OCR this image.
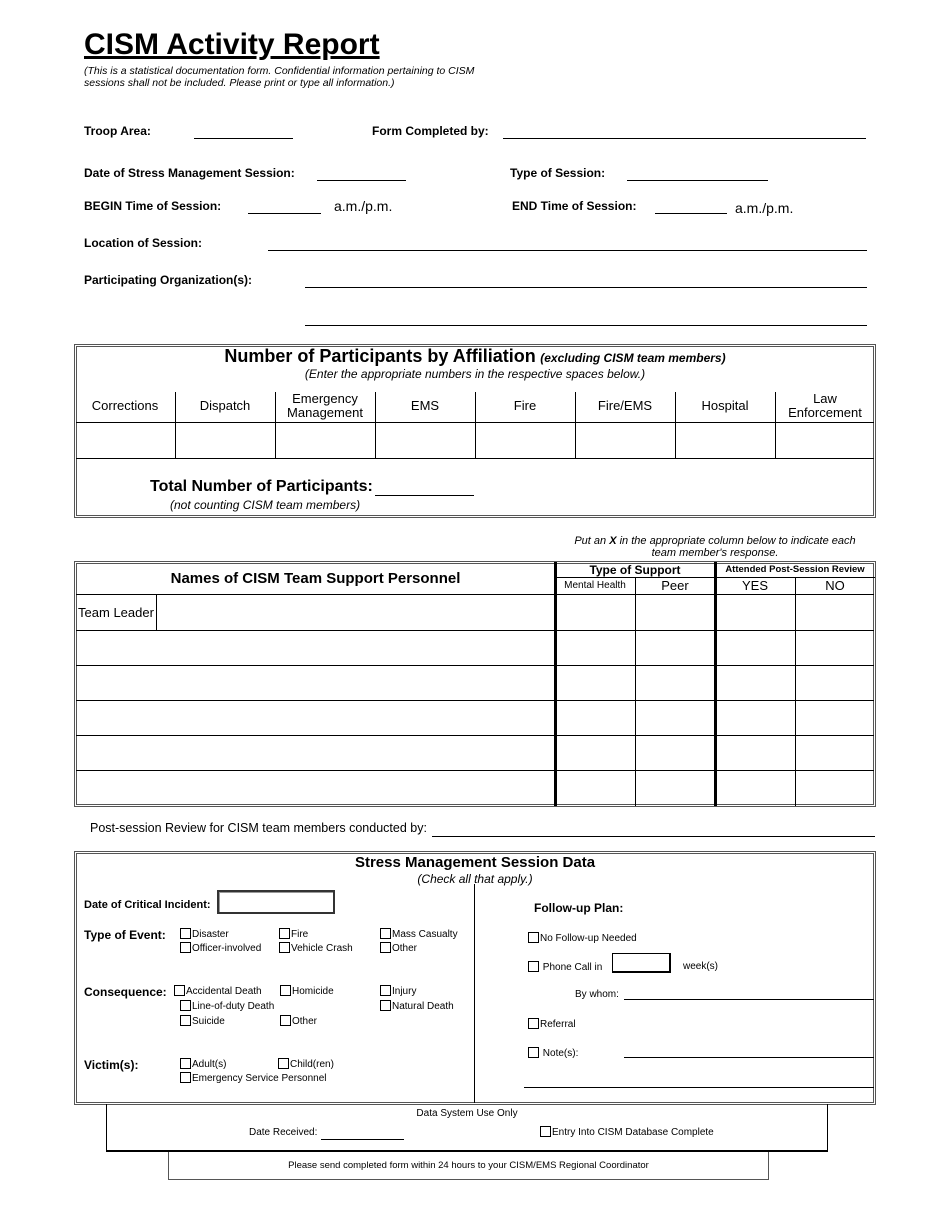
CISM Activity Report
(This is a statistical documentation form. Confidential information pertaining to CISM
sessions shall not be included. Please print or type all information.)
Troop Area:	Form Completed by:
Date of Stress Management Session:	Type of Session:
BEGIN Time of Session:	a.m./p.m.	END Time of Session:	a.m./p.m.
Location of Session:
Participating Organization(s):
Number of Participants by Affiliation (excluding CISM team members)
(Enter the appropriate numbers in the respective spaces below.)
Corrections	Dispatch	Emergency Management	EMS	Fire	Fire/EMS	Hospital	Law Enforcement
Total Number of Participants:
(not counting CISM team members)
Put an X in the appropriate column below to indicate each
team member's response.
Names of CISM Team Support Personnel	Type of Support	Attended Post-Session Review
Mental Health	Peer	YES	NO
Team Leader
Post-session Review for CISM team members conducted by:
Stress Management Session Data
(Check all that apply.)
Date of Critical Incident:
Type of Event:	Disaster
Officer-involved
Fire
Vehicle Crash
Mass Casualty
Other
Consequence:	Accidental Death
Line-of-duty Death
Suicide
Homicide
Other
Injury
Natural Death
Victim(s):	Adult(s)	Child(ren)
Emergency Service Personnel
Follow-up Plan:
No Follow-up Needed
Phone Call in	week(s)
By whom:
Referral
Note(s):
Data System Use Only
Date Received:	Entry Into CISM Database Complete
Please send completed form within 24 hours to your CISM/EMS Regional Coordinator
